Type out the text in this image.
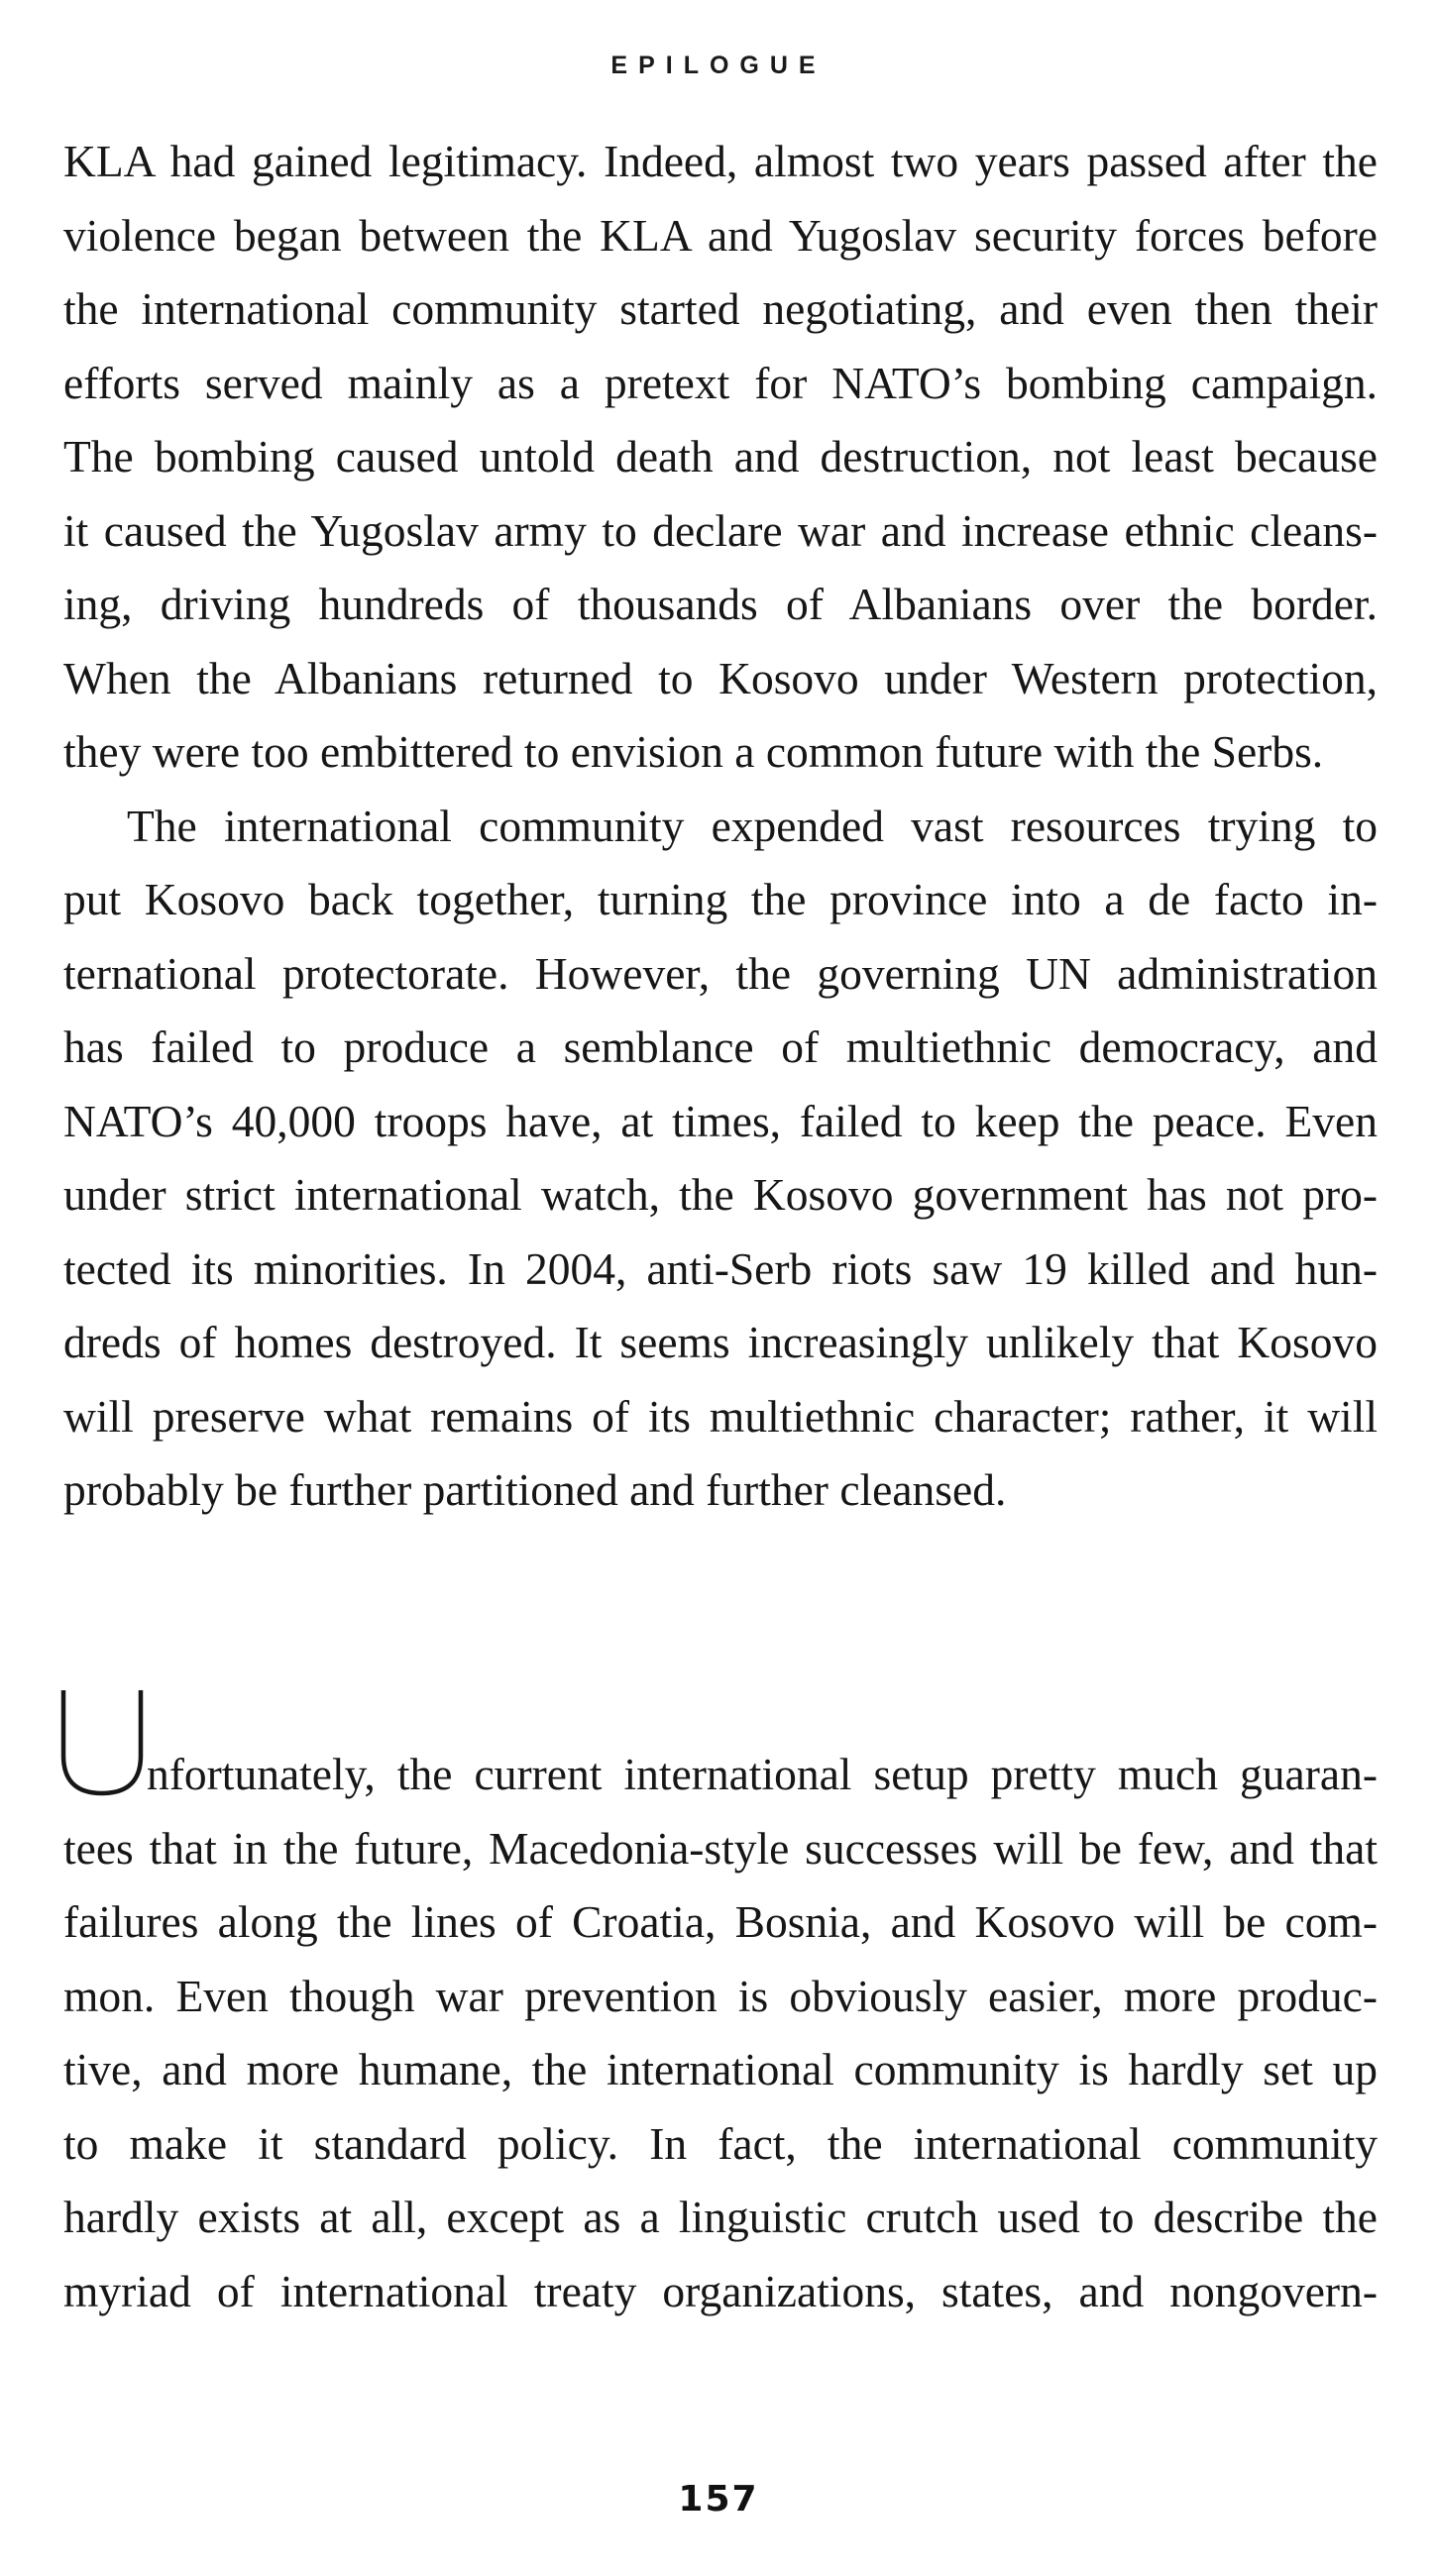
EPILOGUE
KLA had gained legitimacy. Indeed, almost two years passed after the
violence began between the KLA and Yugoslav security forces before
the international community started negotiating, and even then their
efforts served mainly as a pretext for NATO’s bombing campaign.
The bombing caused untold death and destruction, not least because
it caused the Yugoslav army to declare war and increase ethnic cleans-
ing, driving hundreds of thousands of Albanians over the border.
When the Albanians returned to Kosovo under Western protection,
they were too embittered to envision a common future with the Serbs.
The international community expended vast resources trying to
put Kosovo back together, turning the province into a de facto in-
ternational protectorate. However, the governing UN administration
has failed to produce a semblance of multiethnic democracy, and
NATO’s 40,000 troops have, at times, failed to keep the peace. Even
under strict international watch, the Kosovo government has not pro-
tected its minorities. In 2004, anti-Serb riots saw 19 killed and hun-
dreds of homes destroyed. It seems increasingly unlikely that Kosovo
will preserve what remains of its multiethnic character; rather, it will
probably be further partitioned and further cleansed.
nfortunately, the current international setup pretty much guaran-
tees that in the future, Macedonia-style successes will be few, and that
failures along the lines of Croatia, Bosnia, and Kosovo will be com-
mon. Even though war prevention is obviously easier, more produc-
tive, and more humane, the international community is hardly set up
to make it standard policy. In fact, the international community
hardly exists at all, except as a linguistic crutch used to describe the
myriad of international treaty organizations, states, and nongovern-
157
